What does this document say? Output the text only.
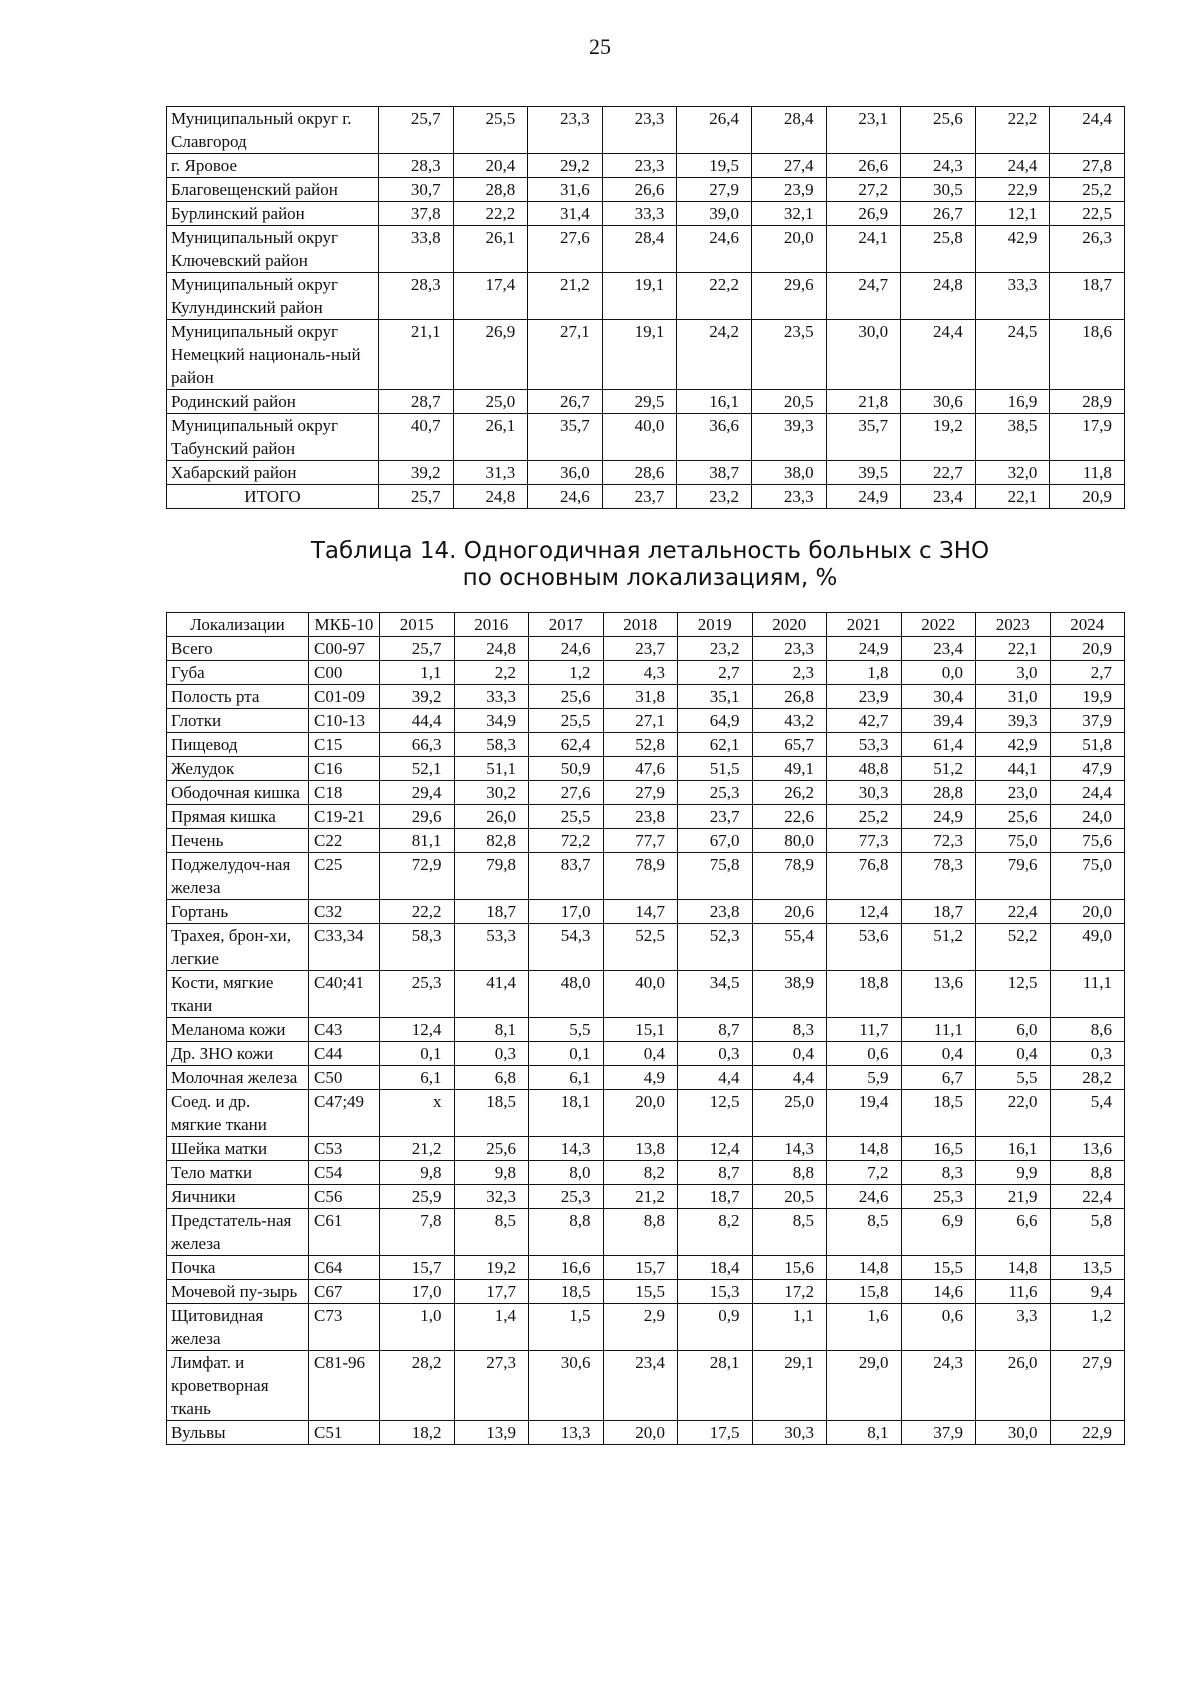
25
Муниципальный округ г. Славгород	25,7	25,5	23,3	23,3	26,4	28,4	23,1	25,6	22,2	24,4
г. Яровое	28,3	20,4	29,2	23,3	19,5	27,4	26,6	24,3	24,4	27,8
Благовещенский район	30,7	28,8	31,6	26,6	27,9	23,9	27,2	30,5	22,9	25,2
Бурлинский район	37,8	22,2	31,4	33,3	39,0	32,1	26,9	26,7	12,1	22,5
Муниципальный округ Ключевский район	33,8	26,1	27,6	28,4	24,6	20,0	24,1	25,8	42,9	26,3
Муниципальный округ Кулундинский район	28,3	17,4	21,2	19,1	22,2	29,6	24,7	24,8	33,3	18,7
Муниципальный округ Немецкий националь-ный район	21,1	26,9	27,1	19,1	24,2	23,5	30,0	24,4	24,5	18,6
Родинский район	28,7	25,0	26,7	29,5	16,1	20,5	21,8	30,6	16,9	28,9
Муниципальный округ Табунский район	40,7	26,1	35,7	40,0	36,6	39,3	35,7	19,2	38,5	17,9
Хабарский район	39,2	31,3	36,0	28,6	38,7	38,0	39,5	22,7	32,0	11,8
ИТОГО	25,7	24,8	24,6	23,7	23,2	23,3	24,9	23,4	22,1	20,9
Таблица 14. Одногодичная летальность больных с ЗНО
по основным локализациям, %
Локализации	МКБ-10	2015	2016	2017	2018	2019	2020	2021	2022	2023	2024
Всего	С00-97	25,7	24,8	24,6	23,7	23,2	23,3	24,9	23,4	22,1	20,9
Губа	С00	1,1	2,2	1,2	4,3	2,7	2,3	1,8	0,0	3,0	2,7
Полость рта	С01-09	39,2	33,3	25,6	31,8	35,1	26,8	23,9	30,4	31,0	19,9
Глотки	С10-13	44,4	34,9	25,5	27,1	64,9	43,2	42,7	39,4	39,3	37,9
Пищевод	С15	66,3	58,3	62,4	52,8	62,1	65,7	53,3	61,4	42,9	51,8
Желудок	С16	52,1	51,1	50,9	47,6	51,5	49,1	48,8	51,2	44,1	47,9
Ободочная кишка	С18	29,4	30,2	27,6	27,9	25,3	26,2	30,3	28,8	23,0	24,4
Прямая кишка	С19-21	29,6	26,0	25,5	23,8	23,7	22,6	25,2	24,9	25,6	24,0
Печень	С22	81,1	82,8	72,2	77,7	67,0	80,0	77,3	72,3	75,0	75,6
Поджелудоч-ная железа	С25	72,9	79,8	83,7	78,9	75,8	78,9	76,8	78,3	79,6	75,0
Гортань	С32	22,2	18,7	17,0	14,7	23,8	20,6	12,4	18,7	22,4	20,0
Трахея, брон-хи, легкие	С33,34	58,3	53,3	54,3	52,5	52,3	55,4	53,6	51,2	52,2	49,0
Кости, мягкие ткани	С40;41	25,3	41,4	48,0	40,0	34,5	38,9	18,8	13,6	12,5	11,1
Меланома кожи	С43	12,4	8,1	5,5	15,1	8,7	8,3	11,7	11,1	6,0	8,6
Др. ЗНО кожи	С44	0,1	0,3	0,1	0,4	0,3	0,4	0,6	0,4	0,4	0,3
Молочная железа	С50	6,1	6,8	6,1	4,9	4,4	4,4	5,9	6,7	5,5	28,2
Соед. и др. мягкие ткани	С47;49	х	18,5	18,1	20,0	12,5	25,0	19,4	18,5	22,0	5,4
Шейка матки	С53	21,2	25,6	14,3	13,8	12,4	14,3	14,8	16,5	16,1	13,6
Тело матки	С54	9,8	9,8	8,0	8,2	8,7	8,8	7,2	8,3	9,9	8,8
Яичники	С56	25,9	32,3	25,3	21,2	18,7	20,5	24,6	25,3	21,9	22,4
Предстатель-ная железа	С61	7,8	8,5	8,8	8,8	8,2	8,5	8,5	6,9	6,6	5,8
Почка	С64	15,7	19,2	16,6	15,7	18,4	15,6	14,8	15,5	14,8	13,5
Мочевой пу-зырь	С67	17,0	17,7	18,5	15,5	15,3	17,2	15,8	14,6	11,6	9,4
Щитовидная железа	С73	1,0	1,4	1,5	2,9	0,9	1,1	1,6	0,6	3,3	1,2
Лимфат. и кроветворная ткань	С81-96	28,2	27,3	30,6	23,4	28,1	29,1	29,0	24,3	26,0	27,9
Вульвы	С51	18,2	13,9	13,3	20,0	17,5	30,3	8,1	37,9	30,0	22,9
